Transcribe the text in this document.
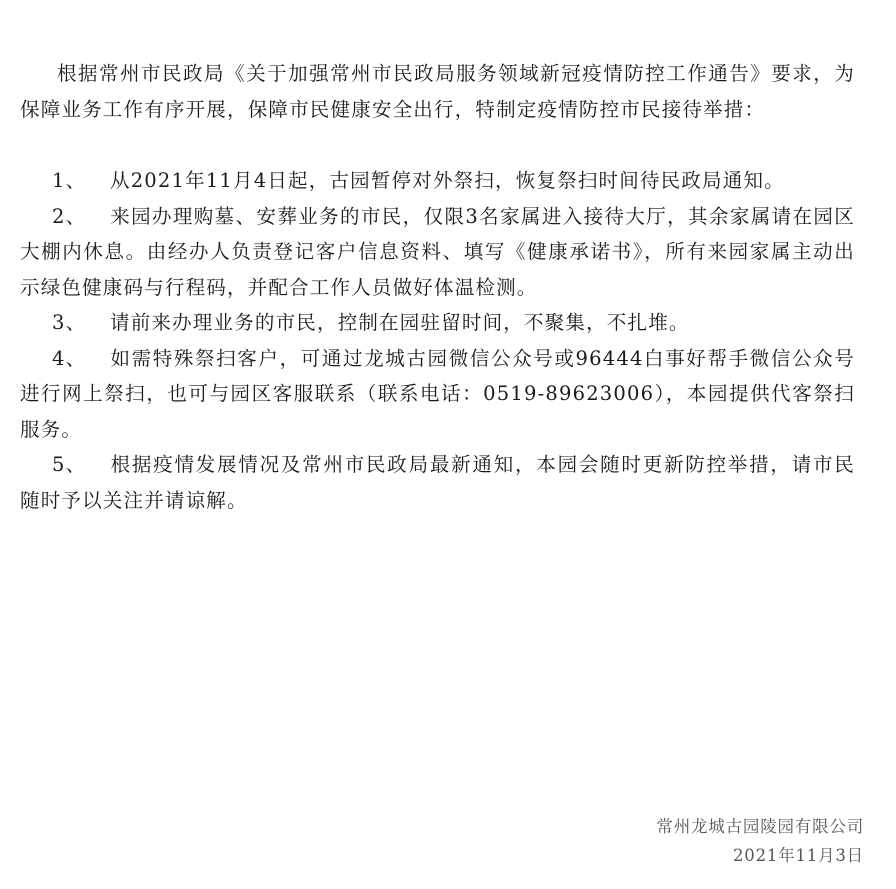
根据常州市民政局《关于加强常州市民政局服务领域新冠疫情防控工作通告》要求，为保障业务工作有序开展，保障市民健康安全出行，特制定疫情防控市民接待举措：

1、 从2021年11月4日起，古园暂停对外祭扫，恢复祭扫时间待民政局通知。

2、 来园办理购墓、安葬业务的市民，仅限3名家属进入接待大厅，其余家属请在园区大棚内休息。由经办人负责登记客户信息资料、填写《健康承诺书》，所有来园家属主动出示绿色健康码与行程码，并配合工作人员做好体温检测。

3、 请前来办理业务的市民，控制在园驻留时间，不聚集，不扎堆。

4、 如需特殊祭扫客户，可通过龙城古园微信公众号或96444白事好帮手微信公众号进行网上祭扫，也可与园区客服联系（联系电话：0519-89623006），本园提供代客祭扫服务。

5、 根据疫情发展情况及常州市民政局最新通知，本园会随时更新防控举措，请市民随时予以关注并请谅解。

常州龙城古园陵园有限公司
2021年11月3日
